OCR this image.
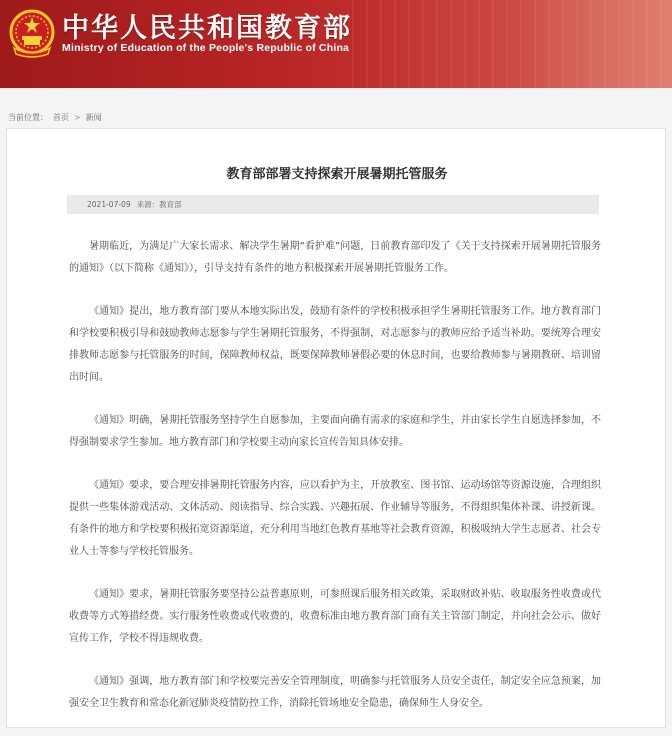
中华人民共和国教育部
Ministry of Education of the People's Republic of China
当前位置： 首页 > 新闻
教育部部署支持探索开展暑期托管服务
2021-07-09 来源： 教育部

暑期临近，为满足广大家长需求、解决学生暑期“看护难”问题，日前教育部印发了《关于支持探索开展暑期托管服务的通知》（以下简称《通知》），引导支持有条件的地方积极探索开展暑期托管服务工作。

《通知》提出，地方教育部门要从本地实际出发，鼓励有条件的学校积极承担学生暑期托管服务工作。地方教育部门和学校要积极引导和鼓励教师志愿参与学生暑期托管服务，不得强制，对志愿参与的教师应给予适当补助。要统筹合理安排教师志愿参与托管服务的时间，保障教师权益，既要保障教师暑假必要的休息时间，也要给教师参与暑期教研、培训留出时间。

《通知》明确，暑期托管服务坚持学生自愿参加，主要面向确有需求的家庭和学生，并由家长学生自愿选择参加，不得强制要求学生参加。地方教育部门和学校要主动向家长宣传告知具体安排。

《通知》要求，要合理安排暑期托管服务内容，应以看护为主，开放教室、图书馆、运动场馆等资源设施，合理组织提供一些集体游戏活动、文体活动、阅读指导、综合实践、兴趣拓展、作业辅导等服务，不得组织集体补课、讲授新课。有条件的地方和学校要积极拓宽资源渠道，充分利用当地红色教育基地等社会教育资源，积极吸纳大学生志愿者、社会专业人士等参与学校托管服务。

《通知》要求，暑期托管服务要坚持公益普惠原则，可参照课后服务相关政策，采取财政补贴、收取服务性收费或代收费等方式筹措经费。实行服务性收费或代收费的，收费标准由地方教育部门商有关主管部门制定，并向社会公示、做好宣传工作，学校不得违规收费。

《通知》强调，地方教育部门和学校要完善安全管理制度，明确参与托管服务人员安全责任，制定安全应急预案，加强安全卫生教育和常态化新冠肺炎疫情防控工作，消除托管场地安全隐患，确保师生人身安全。
